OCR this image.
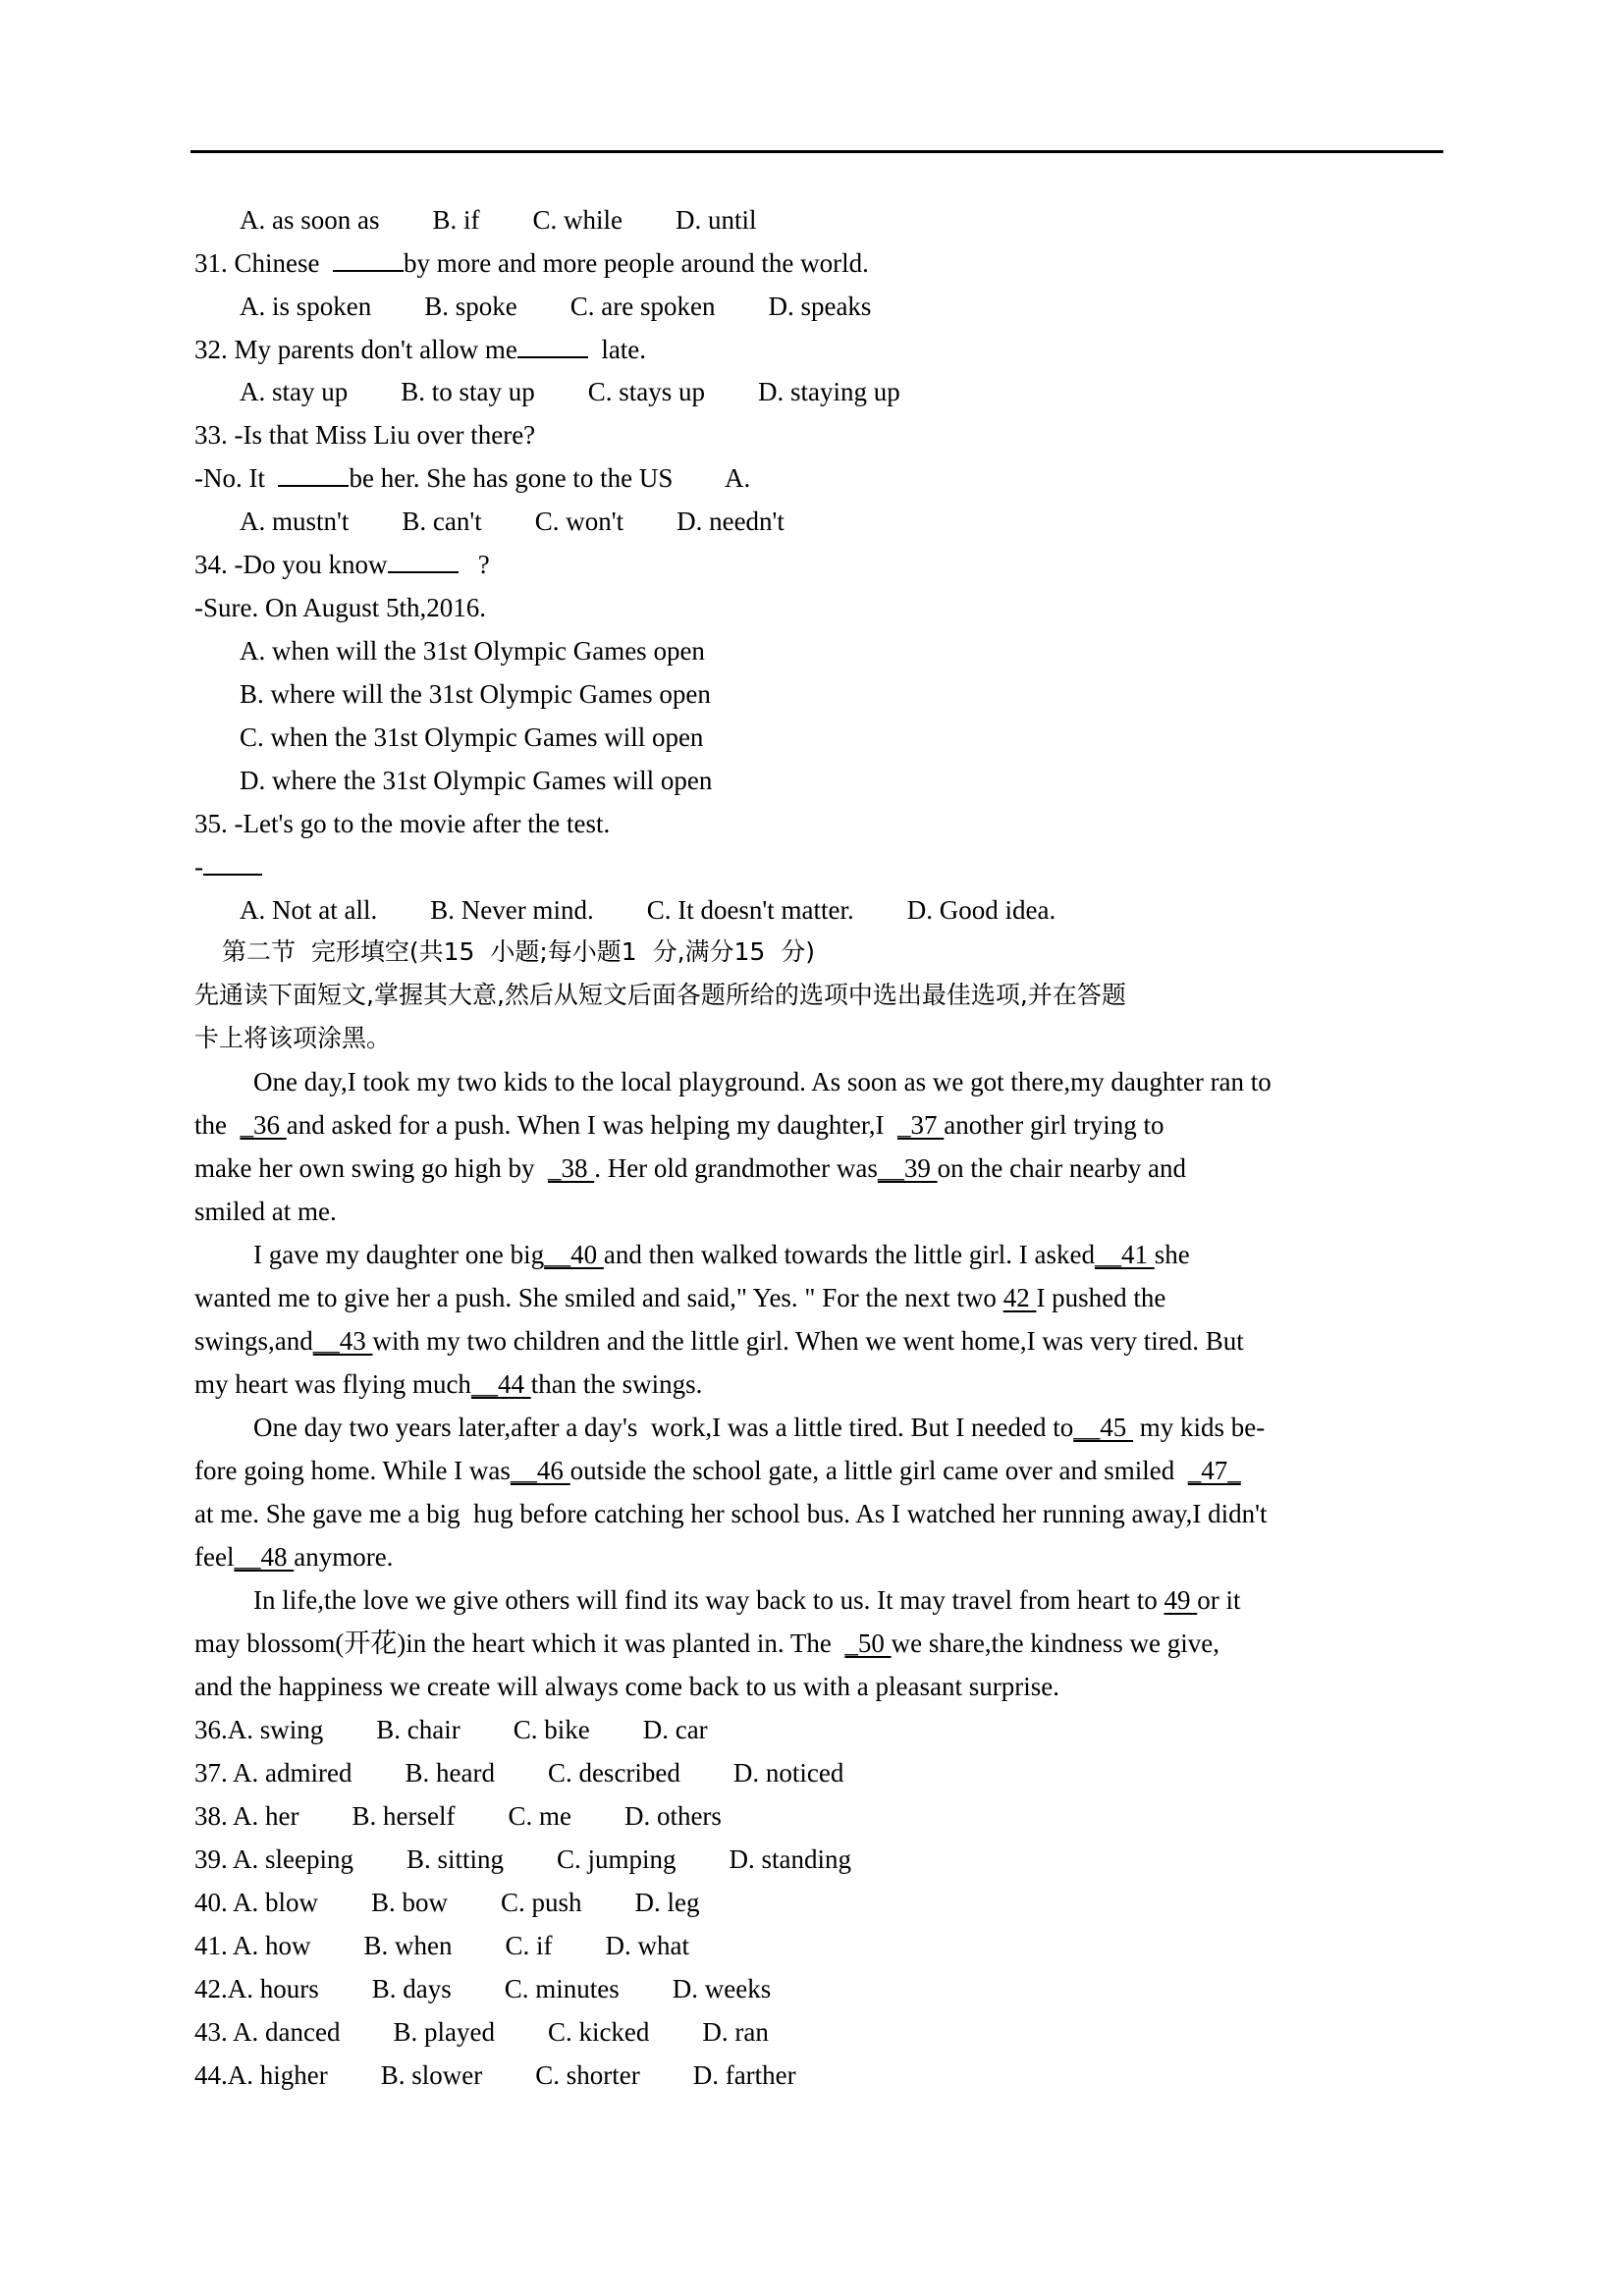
A. as soon as        B. if        C. while        D. until
31. Chinese	by more and more people around the world.
A. is spoken        B. spoke        C. are spoken        D. speaks
32. My parents don't allow me	late.
A. stay up        B. to stay up        C. stays up        D. staying up
33. -Is that Miss Liu over there?
-No. It	be her. She has gone to the US        A.
A. mustn't        B. can't        C. won't        D. needn't
34. -Do you know	?
-Sure. On August 5th,2016.
A. when will the 31st Olympic Games open
B. where will the 31st Olympic Games open
C. when the 31st Olympic Games will open
D. where the 31st Olympic Games will open
35. -Let's go to the movie after the test.
-
A. Not at all.        B. Never mind.        C. It doesn't matter.        D. Good idea.
第二节  完形填空(共15  小题;每小题1  分,满分15  分)
先通读下面短文,掌握其大意,然后从短文后面各题所给的选项中选出最佳选项,并在答题
卡上将该项涂黑。
One day,I took my two kids to the local playground. As soon as we got there,my daughter ran to
the  _36 and asked for a push. When I was helping my daughter,I  _37 another girl trying to
make her own swing go high by  _38 . Her old grandmother was__39 on the chair nearby and
smiled at me.
I gave my daughter one big__40 and then walked towards the little girl. I asked__41 she
wanted me to give her a push. She smiled and said," Yes. " For the next two 42 I pushed the
swings,and__43 with my two children and the little girl. When we went home,I was very tired. But
my heart was flying much__44 than the swings.
One day two years later,after a day's  work,I was a little tired. But I needed to__45  my kids be-
fore going home. While I was__46 outside the school gate, a little girl came over and smiled  _47_
at me. She gave me a big  hug before catching her school bus. As I watched her running away,I didn't
feel__48 anymore.
In life,the love we give others will find its way back to us. It may travel from heart to 49 or it
may blossom(开花)in the heart which it was planted in. The  _50 we share,the kindness we give,
and the happiness we create will always come back to us with a pleasant surprise.
36.A. swing        B. chair        C. bike        D. car
37. A. admired        B. heard        C. described        D. noticed
38. A. her        B. herself        C. me        D. others
39. A. sleeping        B. sitting        C. jumping        D. standing
40. A. blow        B. bow        C. push        D. leg
41. A. how        B. when        C. if        D. what
42.A. hours        B. days        C. minutes        D. weeks
43. A. danced        B. played        C. kicked        D. ran
44.A. higher        B. slower        C. shorter        D. farther
